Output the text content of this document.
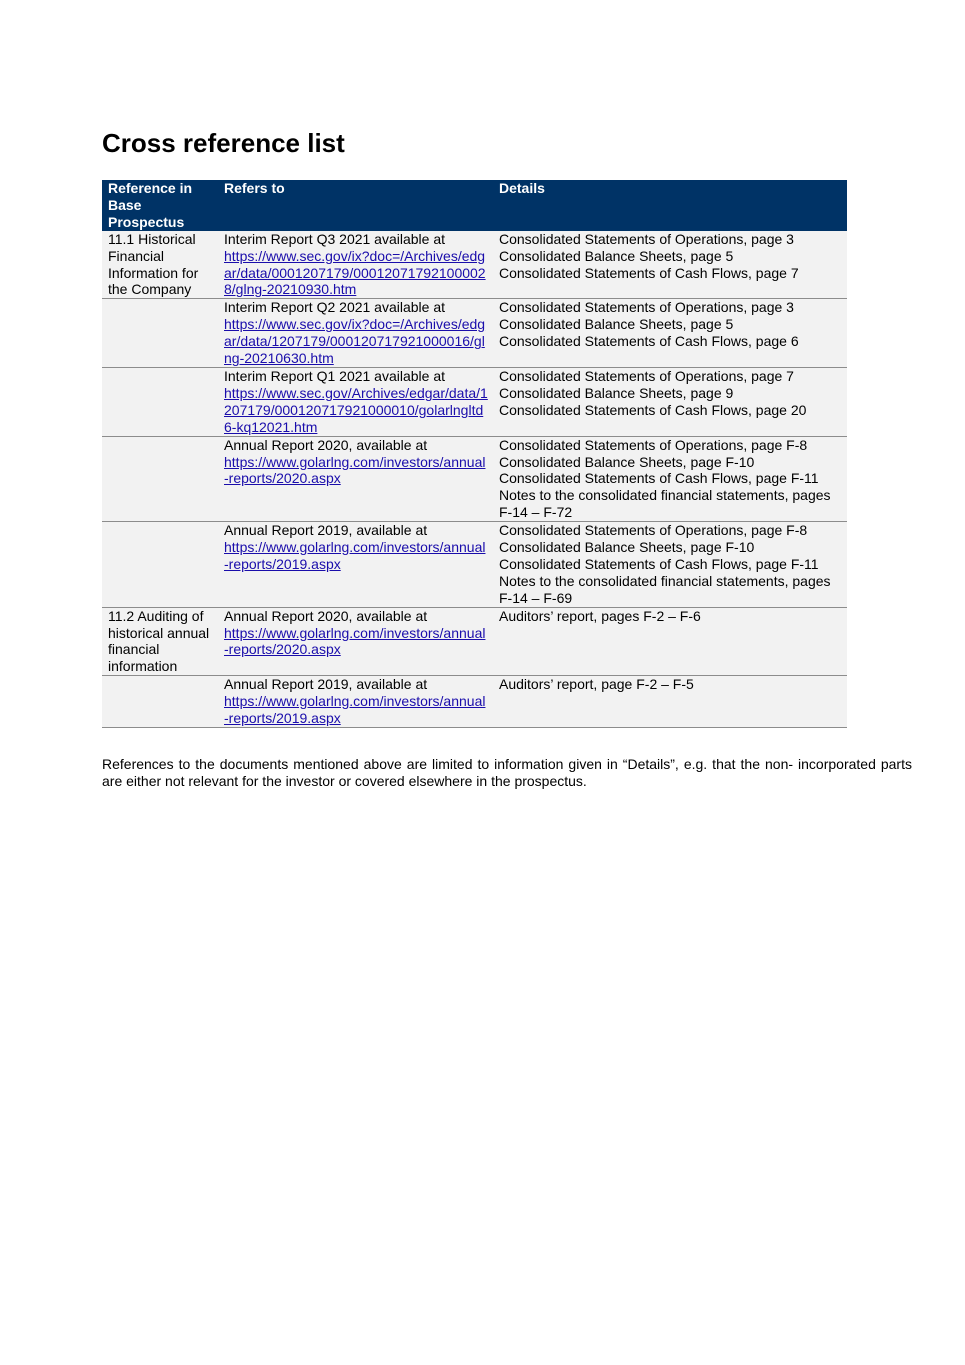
Cross reference list
Reference in Base Prospectus	Refers to	Details
11.1 Historical Financial Information for the Company	Interim Report Q3 2021 available at
https://www.sec.gov/ix?doc=/Archives/edgar/data/0001207179/000120717921000028/glng-20210930.htm	Consolidated Statements of Operations, page 3
Consolidated Balance Sheets, page 5
Consolidated Statements of Cash Flows, page 7

	Interim Report Q2 2021 available at
https://www.sec.gov/ix?doc=/Archives/edgar/data/1207179/000120717921000016/glng-20210630.htm	Consolidated Statements of Operations, page 3
Consolidated Balance Sheets, page 5
Consolidated Statements of Cash Flows, page 6

	Interim Report Q1 2021 available at
https://www.sec.gov/Archives/edgar/data/1207179/000120717921000010/golarlngltd6-kq12021.htm	Consolidated Statements of Operations, page 7
Consolidated Balance Sheets, page 9
Consolidated Statements of Cash Flows, page 20

	Annual Report 2020, available at
https://www.golarlng.com/investors/annual-reports/2020.aspx	Consolidated Statements of Operations, page F-8
Consolidated Balance Sheets, page F-10
Consolidated Statements of Cash Flows, page F-11
Notes to the consolidated financial statements, pages F-14 – F-72

	Annual Report 2019, available at
https://www.golarlng.com/investors/annual-reports/2019.aspx	Consolidated Statements of Operations, page F-8
Consolidated Balance Sheets, page F-10
Consolidated Statements of Cash Flows, page F-11
Notes to the consolidated financial statements, pages F-14 – F-69

11.2 Auditing of historical annual financial information	Annual Report 2020, available at
https://www.golarlng.com/investors/annual-reports/2020.aspx	Auditors’ report, pages F-2 – F-6

	Annual Report 2019, available at
https://www.golarlng.com/investors/annual-reports/2019.aspx	Auditors’ report, page F-2 – F-5

References to the documents mentioned above are limited to information given in “Details”, e.g. that the non- incorporated parts are either not relevant for the investor or covered elsewhere in the prospectus.
